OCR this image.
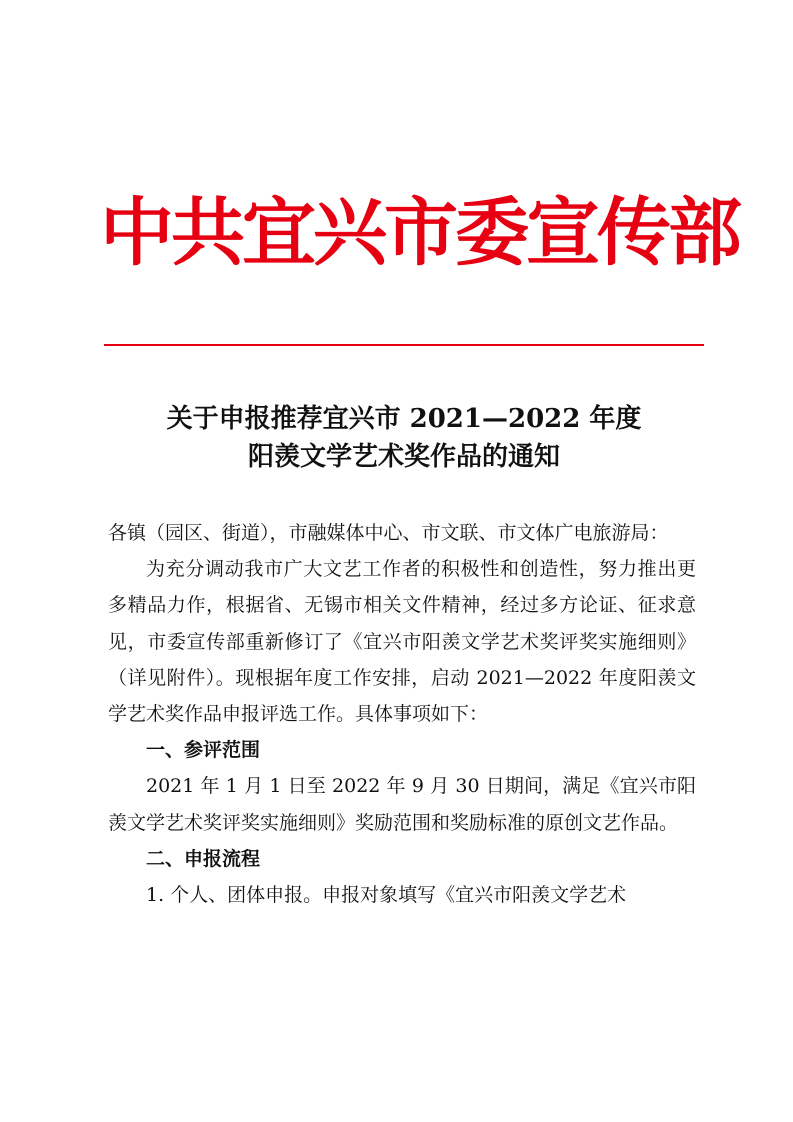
中共宜兴市委宣传部
关于申报推荐宜兴市 2021—2022 年度
阳羡文学艺术奖作品的通知

各镇（园区、街道），市融媒体中心、市文联、市文体广电旅游局：

为充分调动我市广大文艺工作者的积极性和创造性，努力推出更多精品力作，根据省、无锡市相关文件精神，经过多方论证、征求意见，市委宣传部重新修订了《宜兴市阳羡文学艺术奖评奖实施细则》（详见附件）。现根据年度工作安排，启动 2021—2022 年度阳羡文学艺术奖作品申报评选工作。具体事项如下：

一、参评范围

2021 年 1 月 1 日至 2022 年 9 月 30 日期间，满足《宜兴市阳羡文学艺术奖评奖实施细则》奖励范围和奖励标准的原创文艺作品。

二、申报流程

1. 个人、团体申报。申报对象填写《宜兴市阳羡文学艺术
